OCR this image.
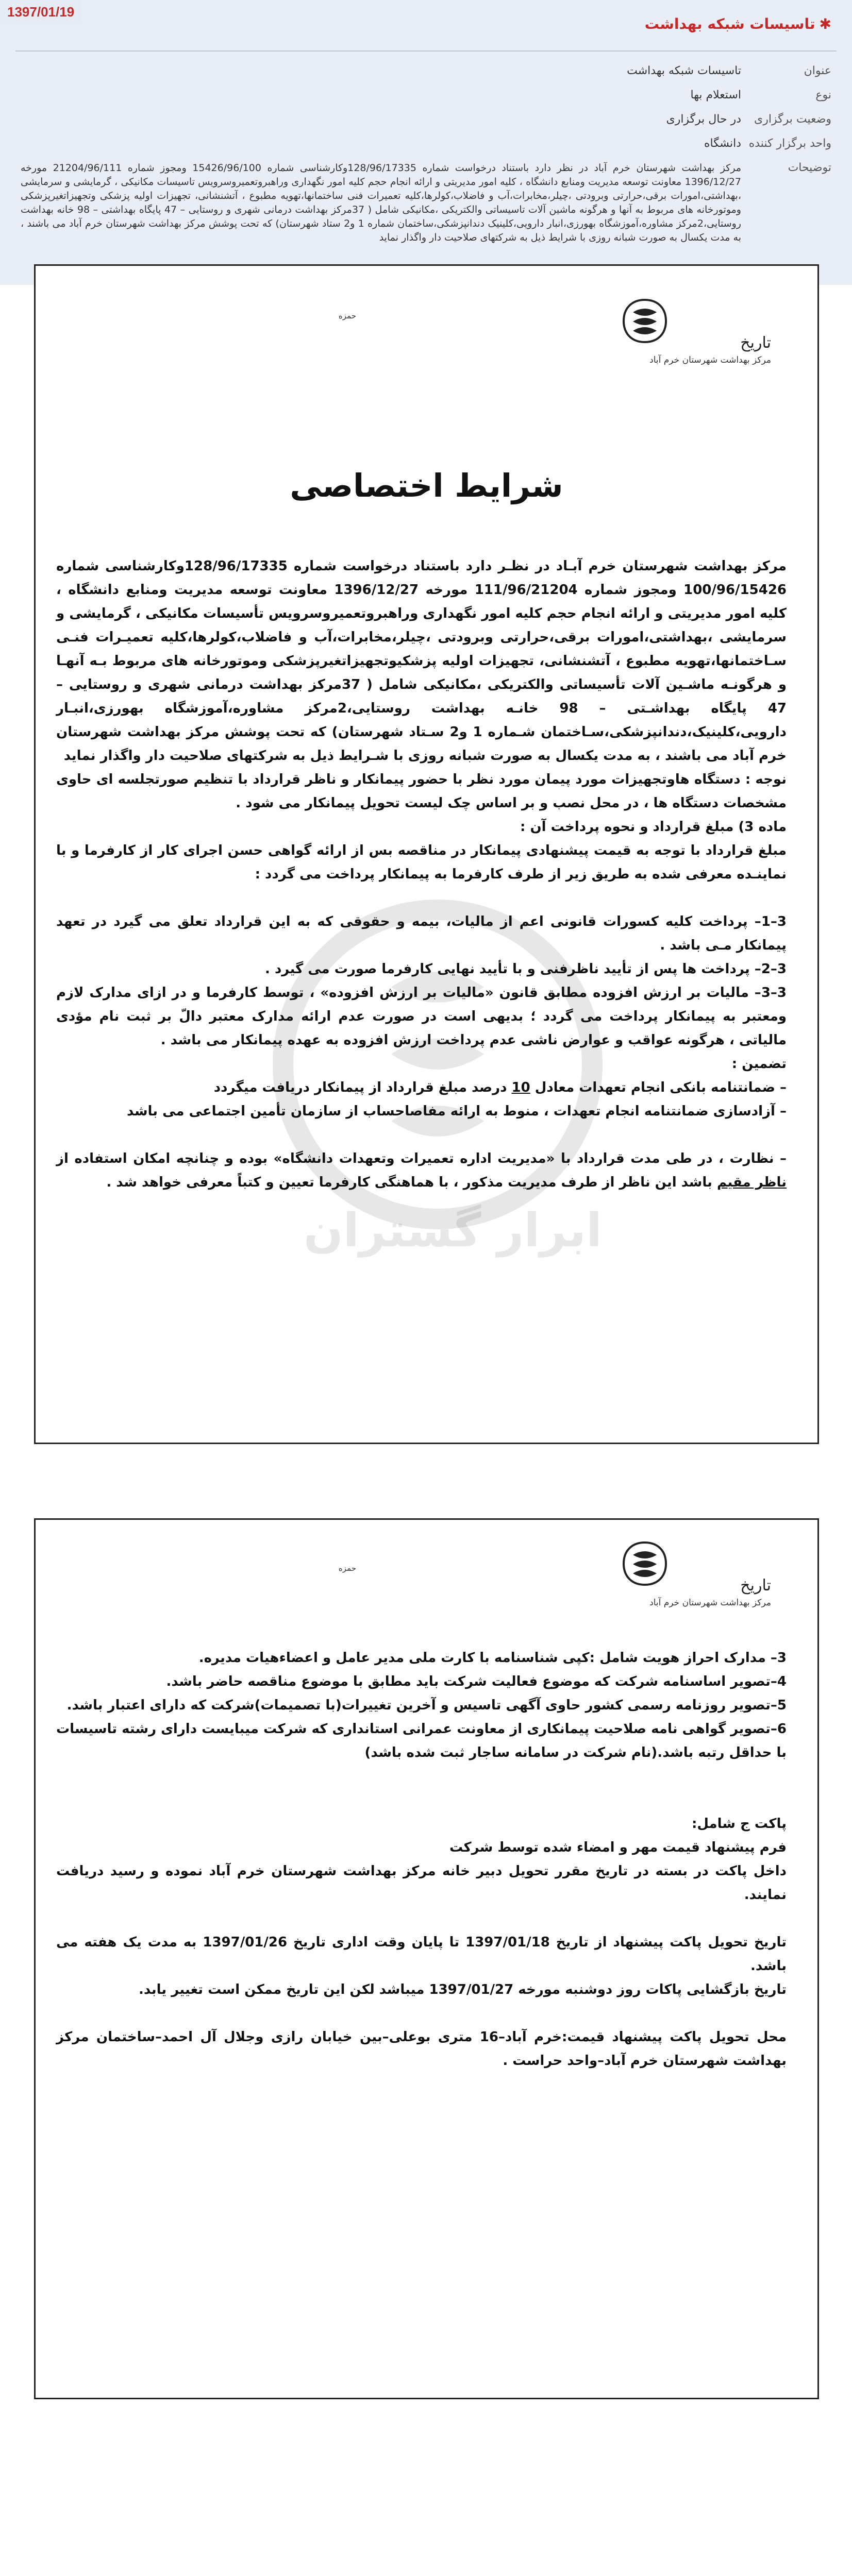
✱تاسیسات شبکه بهداشت
عنوان
تاسیسات شبکه بهداشت
نوع
استعلام بها
وضعیت برگزاری
در حال برگزاری
واحد برگزار کننده
دانشگاه
توضیحات
مرکز بهداشت شهرستان خرم آباد در نظر دارد باستناد درخواست شماره 128/96/17335وکارشناسی شماره 15426/96/100 ومجوز شماره 21204/96/111 مورخه 1396/12/27 معاونت توسعه مدیریت ومنابع دانشگاه ، کلیه امور مدیریتی و ارائه انجام حجم کلیه امور نگهداری وراهبروتعمیروسرویس تاسیسات مکانیکی ، گرمایشی و سرمایشی ،بهداشتی،امورات برقی،حرارتی وبرودتی ،چیلر،مخابرات،آب و فاضلاب،کولرها،کلیه تعمیرات فنی ساختمانها،تهویه مطبوع ، آتشنشانی، تجهیزات اولیه پزشکی وتجهیزاتغیرپزشکی وموتورخانه های مربوط به آنها و هرگونه ماشین آلات تاسیساتی والکتریکی ،مکانیکی شامل ( 37مرکز بهداشت درمانی شهری و روستایی – 47 پایگاه بهداشتی – 98 خانه بهداشت روستایی،2مرکز مشاوره،آموزشگاه بهورزی،انبار دارویی،کلینیک دندانپزشکی،ساختمان شماره 1 و2 ستاد شهرستان) که تحت پوشش مرکز بهداشت شهرستان خرم آباد می باشند ، به مدت یکسال به صورت شبانه روزی با شرایط ذیل به شرکتهای صلاحیت دار واگذار نماید
1397/01/19
ابرار گستران
حمزه
تاریخ
مرکز بهداشت شهرستان خرم آباد
شرایط اختصاصی

مرکز بهداشت شهرستان خرم آبـاد در نظـر دارد باستناد درخواست شماره 128/96/17335وکارشناسی شماره 100/96/15426 ومجوز شماره 111/96/21204 مورخه 1396/12/27 معاونت توسعه مدیریت ومنابع دانشگاه ، کلیه امور مدیریتی و ارائه انجام حجم کلیه امور نگهداری وراهبروتعمیروسرویس تأسیسات مکانیکی ، گرمایشی و سرمایشی ،بهداشتی،امورات برقی،حرارتی وبرودتی ،چیلر،مخابرات،آب و فاضلاب،کولرها،کلیه تعمیـرات فنـی سـاختمانها،تهویه مطبوع ، آتشنشانی، تجهیزات اولیه پزشکیوتجهیزاتغیرپزشکی وموتورخانه های مربوط بـه آنهـا و هرگونـه ماشـین آلات تأسیساتی والکتریکی ،مکانیکی شامل ( 37مرکز بهداشت درمانی شهری و روستایی – 47 پایگاه بهداشـتی – 98 خانـه بهداشت روستایی،2مرکز مشاوره،آموزشگاه بهورزی،انبـار دارویی،کلینیک،دندانپزشکی،سـاختمان شـماره 1 و2 سـتاد شهرستان) که تحت پوشش مرکز بهداشت شهرستان خرم آباد می باشند ، به مدت یکسال به صورت شبانه روزی با شـرایط ذیل به شرکتهای صلاحیت دار واگذار نماید

نوجه : دستگاه هاوتجهیزات مورد پیمان مورد نظر با حضور پیمانکار و ناظر قرارداد با تنظیم صورتجلسه ای حاوی مشخصات دستگاه ها ، در محل نصب و بر اساس چک لیست تحویل پیمانکار می شود .

ماده 3) مبلغ قرارداد و نحوه پرداخت آن :

مبلغ قرارداد با توجه به قیمت پیشنهادی پیمانکار در مناقصه بس از ارائه گواهی حسن اجرای کار از کارفرما و با نماینـده معرفی شده به طریق زیر از طرف کارفرما به پیمانکار پرداخت می گردد :

3–1– پرداخت کلیه کسورات قانونی اعم از مالیات، بیمه و حقوقی که به این قرارداد تعلق می گیرد در تعهد پیمانکار مـی باشد .

3–2– پرداخت ها پس از تأیید ناظرفنی و با تأیید نهایی کارفرما صورت می گیرد .

3–3– مالیات بر ارزش افزوده مطابق قانون «مالیات بر ارزش افزوده» ، توسط کارفرما و در ازای مدارک لازم ومعتبر به پیمانکار پرداخت می گردد ؛ بدیهی است در صورت عدم ارائه مدارک معتبر دالّ بر ثبت نام مؤدی مالیاتی ، هرگونه عواقب و عوارض ناشی عدم پرداخت ارزش افزوده به عهده پیمانکار می باشد .

تضمین :

– ضمانتنامه بانکی انجام تعهدات معادل 10 درصد مبلغ قرارداد از پیمانکار دریافت میگردد

– آزادسازی ضمانتنامه انجام تعهدات ، منوط به ارائه مفاصاحساب از سازمان تأمین اجتماعی می باشد

– نظارت ، در طی مدت قرارداد با «مدیریت اداره تعمیرات وتعهدات دانشگاه» بوده و چنانچه امکان استفاده از ناظر مقیم باشد این ناظر از طرف مدیریت مذکور ، با هماهنگی کارفرما تعیین و کتباً معرفی خواهد شد .

حمزه
تاریخ
مرکز بهداشت شهرستان خرم آباد

3– مدارک احراز هویت شامل :کپی شناسنامه با کارت ملی مدیر عامل و اعضاءهیات مدیره.

4–تصویر اساسنامه شرکت که موضوع فعالیت شرکت باید مطابق با موضوع مناقصه حاضر باشد.

5–تصویر روزنامه رسمی کشور حاوی آگهی تاسیس و آخرین تغییرات(با تصمیمات)شرکت که دارای اعتبار باشد.

6–تصویر گواهی نامه صلاحیت پیمانکاری از معاونت عمرانی استانداری که شرکت میبایست دارای رشته تاسیسات با حداقل رتبه باشد.(نام شرکت در سامانه ساجار ثبت شده باشد)

پاکت ج شامل:

فرم پیشنهاد قیمت مهر و امضاء شده توسط شرکت

داخل پاکت در بسته در تاریخ مقرر تحویل دبیر خانه مرکز بهداشت شهرستان خرم آباد نموده و رسید دریافت نمایند.

تاریخ تحویل پاکت پیشنهاد از تاریخ 1397/01/18 تا پایان وقت اداری تاریخ 1397/01/26 به مدت یک هفته می باشد.

تاریخ بازگشایی پاکات روز دوشنبه مورخه 1397/01/27 میباشد لکن این تاریخ ممکن است تغییر یابد.

محل تحویل پاکت پیشنهاد قیمت:خرم آباد–16 متری بوعلی–بین خیابان رازی وجلال آل احمد–ساختمان مرکز بهداشت شهرستان خرم آباد–واحد حراست .
